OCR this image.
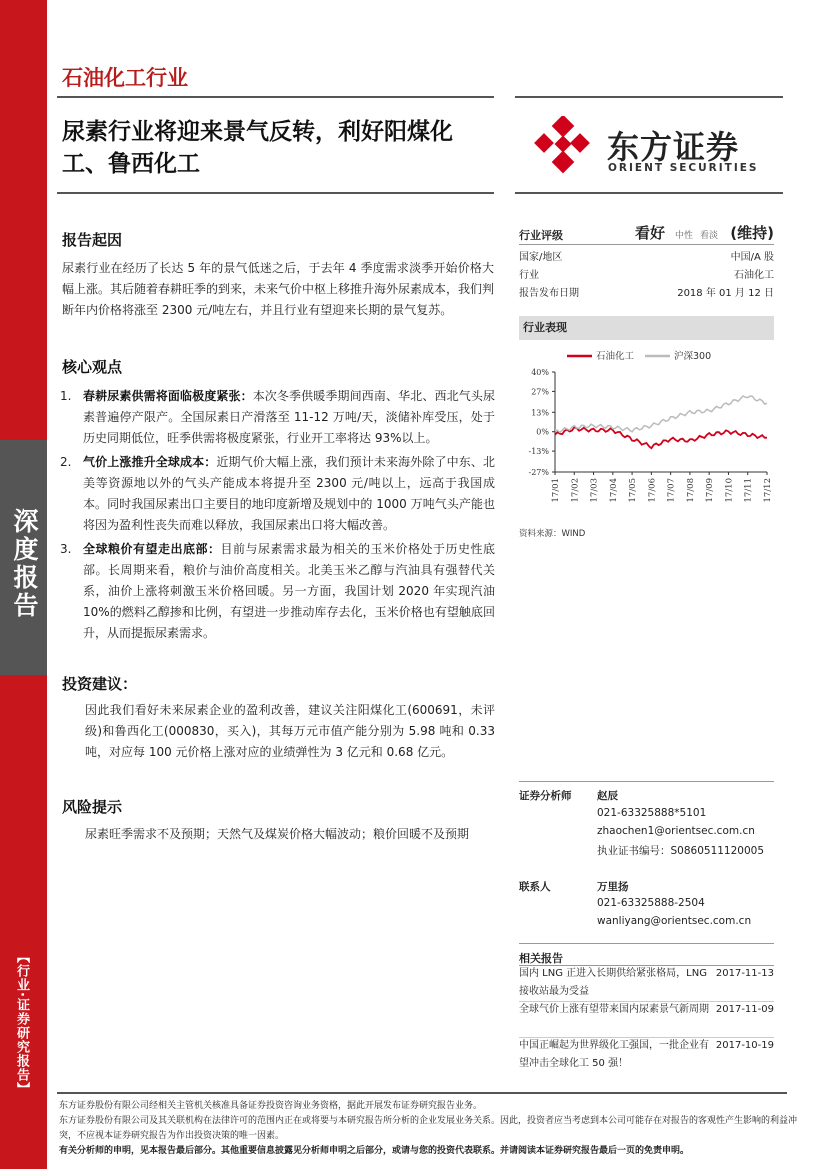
深度报告
【行业·证券研究报告】
石油化工行业
尿素行业将迎来景气反转，利好阳煤化工、鲁西化工	东方证券
ORIENT SECURITIES
报告起因
尿素行业在经历了长达 5 年的景气低迷之后，于去年 4 季度需求淡季开始价格大幅上涨。其后随着春耕旺季的到来，未来气价中枢上移推升海外尿素成本，我们判断年内价格将涨至 2300 元/吨左右，并且行业有望迎来长期的景气复苏。
核心观点
1. 春耕尿素供需将面临极度紧张：本次冬季供暖季期间西南、华北、西北气头尿素普遍停产限产。全国尿素日产滑落至 11-12 万吨/天，淡储补库受压，处于历史同期低位，旺季供需将极度紧张，行业开工率将达 93%以上。
2. 气价上涨推升全球成本：近期气价大幅上涨，我们预计未来海外除了中东、北美等资源地以外的气头产能成本将提升至 2300 元/吨以上，远高于我国成本。同时我国尿素出口主要目的地印度新增及规划中的 1000 万吨气头产能也将因为盈利性丧失而难以释放，我国尿素出口将大幅改善。
3. 全球粮价有望走出底部：目前与尿素需求最为相关的玉米价格处于历史性底部。长周期来看，粮价与油价高度相关。北美玉米乙醇与汽油具有强替代关系，油价上涨将刺激玉米价格回暖。另一方面，我国计划 2020 年实现汽油 10%的燃料乙醇掺和比例，有望进一步推动库存去化，玉米价格也有望触底回升，从而提振尿素需求。
投资建议：
因此我们看好未来尿素企业的盈利改善，建议关注阳煤化工(600691，未评级)和鲁西化工(000830，买入)，其每万元市值产能分别为 5.98 吨和 0.33 吨，对应每 100 元价格上涨对应的业绩弹性为 3 亿元和 0.68 亿元。
风险提示
尿素旺季需求不及预期；天然气及煤炭价格大幅波动；粮价回暖不及预期
行业评级	看好 中性 看淡 (维持)
国家/地区	中国/A 股
行业	石油化工
报告发布日期	2018 年 01 月 12 日
行业表现
40%
27%
13%
0%
-13%
-27%
17/01 17/02 17/03 17/04 17/05 17/06 17/07 17/08 17/09 17/10 17/11 17/12
石油化工	沪深300
资料来源：WIND
证券分析师 赵辰
021-63325888*5101
zhaochen1@orientsec.com.cn
执业证书编号：S0860511120005
联系人	万里扬
021-63325888-2504
wanliyang@orientsec.com.cn
相关报告
国内 LNG 正进入长期供给紧张格局，LNG 接收站最为受益
2017-11-13
全球气价上涨有望带来国内尿素景气新周期 2017-11-09
中国正崛起为世界级化工强国，一批企业有望冲击全球化工 50 强！
2017-10-19
东方证券股份有限公司经相关主管机关核准具备证券投资咨询业务资格，据此开展发布证券研究报告业务。
东方证券股份有限公司及其关联机构在法律许可的范围内正在或将要与本研究报告所分析的企业发展业务关系。因此，投资者应当考虑到本公司可能存在对报告的客观性产生影响的利益冲突，不应视本证券研究报告为作出投资决策的唯一因素。
有关分析师的申明，见本报告最后部分。其他重要信息披露见分析师申明之后部分，或请与您的投资代表联系。并请阅读本证券研究报告最后一页的免责申明。
